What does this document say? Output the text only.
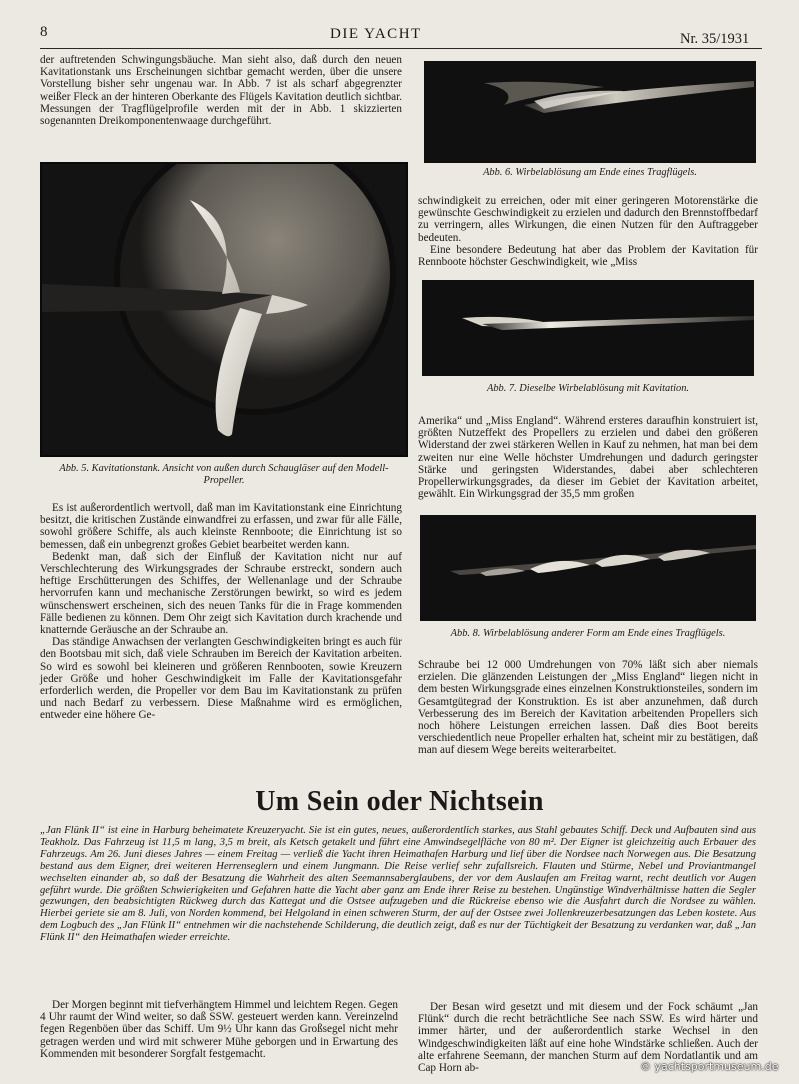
8	DIE YACHT	Nr. 35/1931

der auftretenden Schwingungsbäuche. Man sieht also, daß durch den neuen Kavitationstank uns Erscheinungen sichtbar gemacht werden, über die unsere Vorstellung bisher sehr ungenau war. In Abb. 7 ist als scharf abgegrenzter weißer Fleck an der hinteren Oberkante des Flügels Kavitation deutlich sichtbar. Messungen der Tragflügelprofile werden mit der in Abb. 1 skizzierten sogenannten Dreikomponentenwaage durchgeführt.

Abb. 5. Kavitationstank. Ansicht von außen durch Schaugläser auf den Modell-Propeller.

Es ist außerordentlich wertvoll, daß man im Kavitationstank eine Einrichtung besitzt, die kritischen Zustände einwandfrei zu erfassen, und zwar für alle Fälle, sowohl größere Schiffe, als auch kleinste Rennboote; die Einrichtung ist so bemessen, daß ein unbegrenzt großes Gebiet bearbeitet werden kann.

Bedenkt man, daß sich der Einfluß der Kavitation nicht nur auf Verschlechterung des Wirkungsgrades der Schraube erstreckt, sondern auch heftige Erschütterungen des Schiffes, der Wellenanlage und der Schraube hervorrufen kann und mechanische Zerstörungen bewirkt, so wird es jedem wünschenswert erscheinen, sich des neuen Tanks für die in Frage kommenden Fälle bedienen zu können. Dem Ohr zeigt sich Kavitation durch krachende und knatternde Geräusche an der Schraube an.

Das ständige Anwachsen der verlangten Geschwindigkeiten bringt es auch für den Bootsbau mit sich, daß viele Schrauben im Bereich der Kavitation arbeiten. So wird es sowohl bei kleineren und größeren Rennbooten, sowie Kreuzern jeder Größe und hoher Geschwindigkeit im Falle der Kavitationsgefahr erforderlich werden, die Propeller vor dem Bau im Kavitationstank zu prüfen und nach Bedarf zu verbessern. Diese Maßnahme wird es ermöglichen, entweder eine höhere Ge-

Abb. 6. Wirbelablösung am Ende eines Tragflügels.

schwindigkeit zu erreichen, oder mit einer geringeren Motorenstärke die gewünschte Geschwindigkeit zu erzielen und dadurch den Brennstoffbedarf zu verringern, alles Wirkungen, die einen Nutzen für den Auftraggeber bedeuten.

Eine besondere Bedeutung hat aber das Problem der Kavitation für Rennboote höchster Geschwindigkeit, wie „Miss

Abb. 7. Dieselbe Wirbelablösung mit Kavitation.

Amerika“ und „Miss England“. Während ersteres daraufhin konstruiert ist, größten Nutzeffekt des Propellers zu erzielen und dabei den größeren Widerstand der zwei stärkeren Wellen in Kauf zu nehmen, hat man bei dem zweiten nur eine Welle höchster Umdrehungen und dadurch geringster Stärke und geringsten Widerstandes, dabei aber schlechteren Propellerwirkungsgrades, da dieser im Gebiet der Kavitation arbeitet, gewählt. Ein Wirkungsgrad der 35,5 mm großen

Abb. 8. Wirbelablösung anderer Form am Ende eines Tragflügels.

Schraube bei 12 000 Umdrehungen von 70% läßt sich aber niemals erzielen. Die glänzenden Leistungen der „Miss England“ liegen nicht in dem besten Wirkungsgrade eines einzelnen Konstruktionsteiles, sondern im Gesamtgütegrad der Konstruktion. Es ist aber anzunehmen, daß durch Verbesserung des im Bereich der Kavitation arbeitenden Propellers sich noch höhere Leistungen erreichen lassen. Daß dies Boot bereits verschiedentlich neue Propeller erhalten hat, scheint mir zu bestätigen, daß man auf diesem Wege bereits weiterarbeitet.

Um Sein oder Nichtsein

„Jan Flünk II“ ist eine in Harburg beheimatete Kreuzeryacht. Sie ist ein gutes, neues, außerordentlich starkes, aus Stahl gebautes Schiff. Deck und Aufbauten sind aus Teakholz. Das Fahrzeug ist 11,5 m lang, 3,5 m breit, als Ketsch getakelt und führt eine Amwindsegelfläche von 80 m². Der Eigner ist gleichzeitig auch Erbauer des Fahrzeugs. Am 26. Juni dieses Jahres — einem Freitag — verließ die Yacht ihren Heimathafen Harburg und lief über die Nordsee nach Norwegen aus. Die Besatzung bestand aus dem Eigner, drei weiteren Herrenseglern und einem Jungmann. Die Reise verlief sehr zufallsreich. Flauten und Stürme, Nebel und Proviantmangel wechselten einander ab, so daß der Besatzung die Wahrheit des alten Seemannsaberglaubens, der vor dem Auslaufen am Freitag warnt, recht deutlich vor Augen geführt wurde. Die größten Schwierigkeiten und Gefahren hatte die Yacht aber ganz am Ende ihrer Reise zu bestehen. Ungünstige Windverhältnisse hatten die Segler gezwungen, den beabsichtigten Rückweg durch das Kattegat und die Ostsee aufzugeben und die Rückreise ebenso wie die Ausfahrt durch die Nordsee zu wählen. Hierbei geriete sie am 8. Juli, von Norden kommend, bei Helgoland in einen schweren Sturm, der auf der Ostsee zwei Jollenkreuzerbesatzungen das Leben kostete. Aus dem Logbuch des „Jan Flünk II“ entnehmen wir die nachstehende Schilderung, die deutlich zeigt, daß es nur der Tüchtigkeit der Besatzung zu verdanken war, daß „Jan Flünk II“ den Heimathafen wieder erreichte.

Der Morgen beginnt mit tiefverhängtem Himmel und leichtem Regen. Gegen 4 Uhr raumt der Wind weiter, so daß SSW. gesteuert werden kann. Vereinzelnd fegen Regenböen über das Schiff. Um 9½ Uhr kann das Großsegel nicht mehr getragen werden und wird mit schwerer Mühe geborgen und in Erwartung des Kommenden mit besonderer Sorgfalt festgemacht.

Der Besan wird gesetzt und mit diesem und der Fock schäumt „Jan Flünk“ durch die recht beträchtliche See nach SSW. Es wird härter und immer härter, und der außerordentlich starke Wechsel in den Windgeschwindigkeiten läßt auf eine hohe Windstärke schließen. Auch der alte erfahrene Seemann, der manchen Sturm auf dem Nordatlantik und am Cap Horn ab-	© yachtsportmuseum.de
